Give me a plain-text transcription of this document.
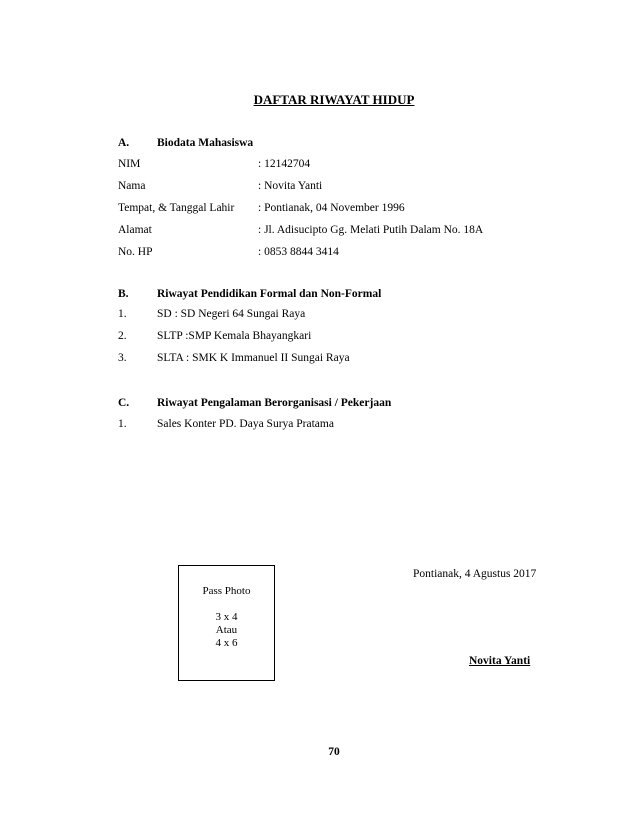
DAFTAR RIWAYAT HIDUP
A. Biodata Mahasiswa
NIM	: 12142704
Nama	: Novita Yanti
Tempat, & Tanggal Lahir : Pontianak, 04 November 1996
Alamat	: Jl. Adisucipto Gg. Melati Putih Dalam No. 18A
No. HP	: 0853 8844 3414
B. Riwayat Pendidikan Formal dan Non-Formal
1.	SD : SD Negeri 64 Sungai Raya
2.	SLTP :SMP Kemala Bhayangkari
3.	SLTA : SMK K Immanuel II Sungai Raya
C. Riwayat Pengalaman Berorganisasi / Pekerjaan
1.	Sales Konter PD. Daya Surya Pratama
Pass Photo
3 x 4
Atau
4 x 6
Pontianak, 4 Agustus 2017
Novita Yanti
70
